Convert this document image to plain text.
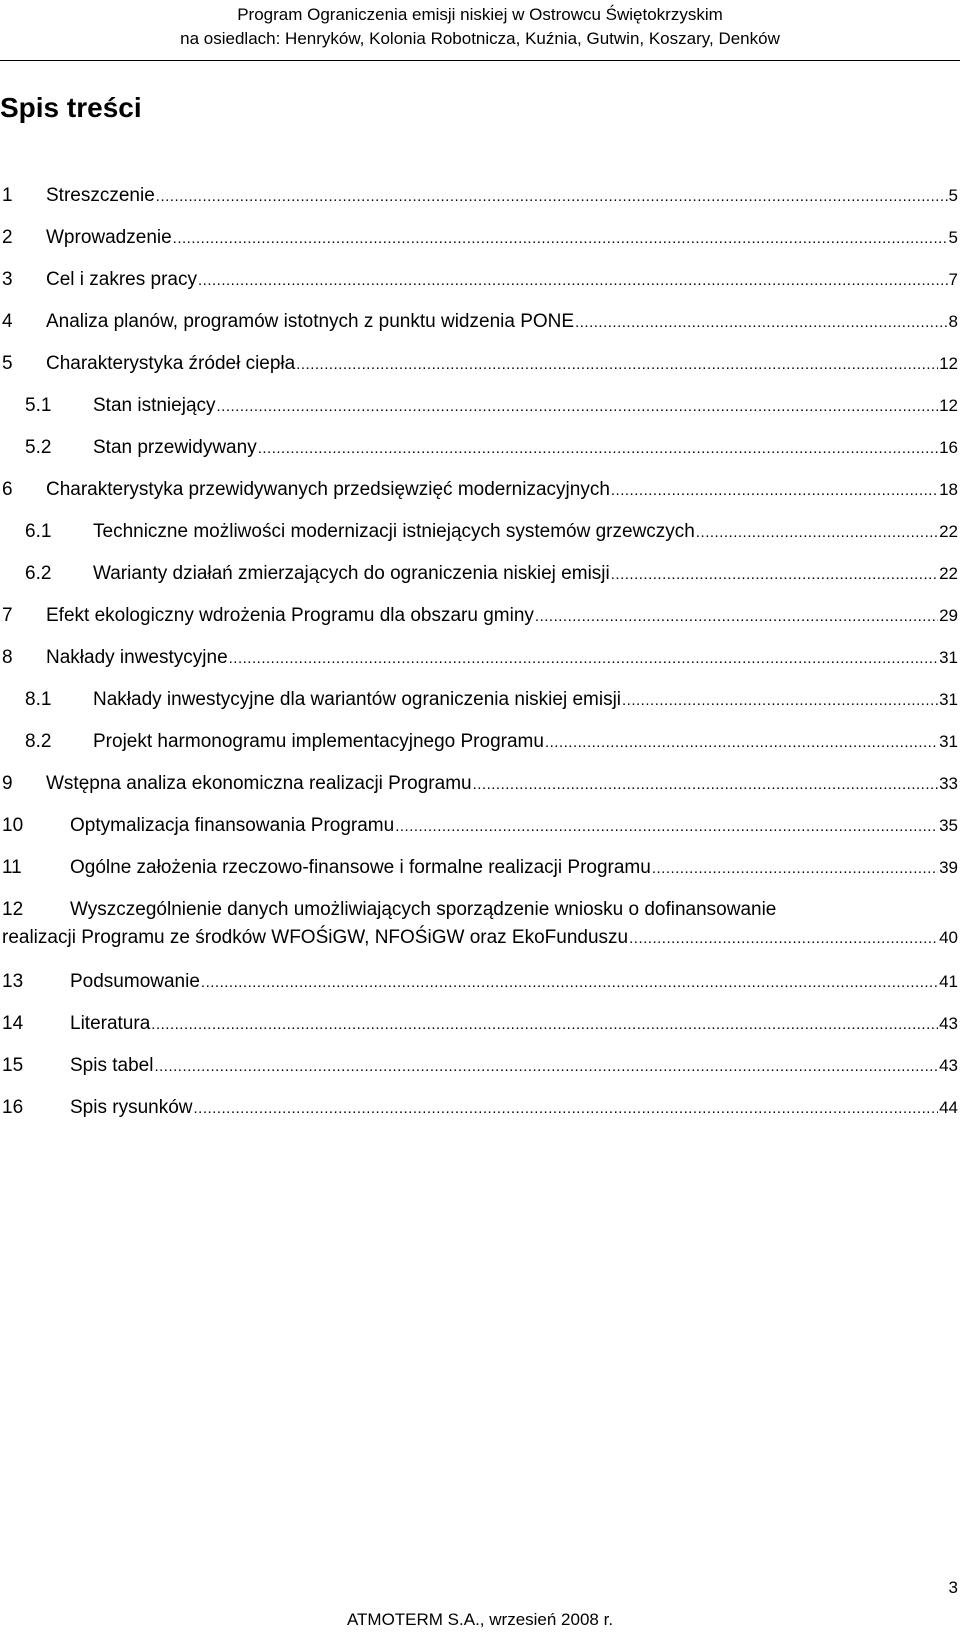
Program Ograniczenia emisji niskiej w Ostrowcu Świętokrzyskim
na osiedlach: Henryków, Kolonia Robotnicza, Kuźnia, Gutwin, Koszary, Denków
Spis treści
1 Streszczenie .....	5
2 Wprowadzenie .....	5
3 Cel i zakres pracy .....	7
4 Analiza planów, programów istotnych z punktu widzenia PONE .....	8
5 Charakterystyka źródeł ciepła .....	12
5.1 Stan istniejący .....	12
5.2 Stan przewidywany .....	16
6 Charakterystyka przewidywanych przedsięwzięć modernizacyjnych .....	18
6.1 Techniczne możliwości modernizacji istniejących systemów grzewczych .....	22
6.2 Warianty działań zmierzających do ograniczenia niskiej emisji .....	22
7 Efekt ekologiczny wdrożenia Programu dla obszaru gminy .....	29
8 Nakłady inwestycyjne .....	31
8.1 Nakłady inwestycyjne dla wariantów ograniczenia niskiej emisji .....	31
8.2 Projekt harmonogramu implementacyjnego Programu .....	31
9 Wstępna analiza ekonomiczna realizacji Programu .....	33
10 Optymalizacja finansowania Programu .....	35
11	Ogólne założenia rzeczowo-finansowe i formalne realizacji Programu .....	39
12 Wyszczególnienie danych umożliwiających sporządzenie wniosku o dofinansowanie
realizacji Programu ze środków WFOŚiGW, NFOŚiGW oraz EkoFunduszu .....	40
13 Podsumowanie .....	41
14 Literatura .....	43
15 Spis tabel .....	43
16 Spis rysunków .....	44
3
ATMOTERM S.A., wrzesień 2008 r.
